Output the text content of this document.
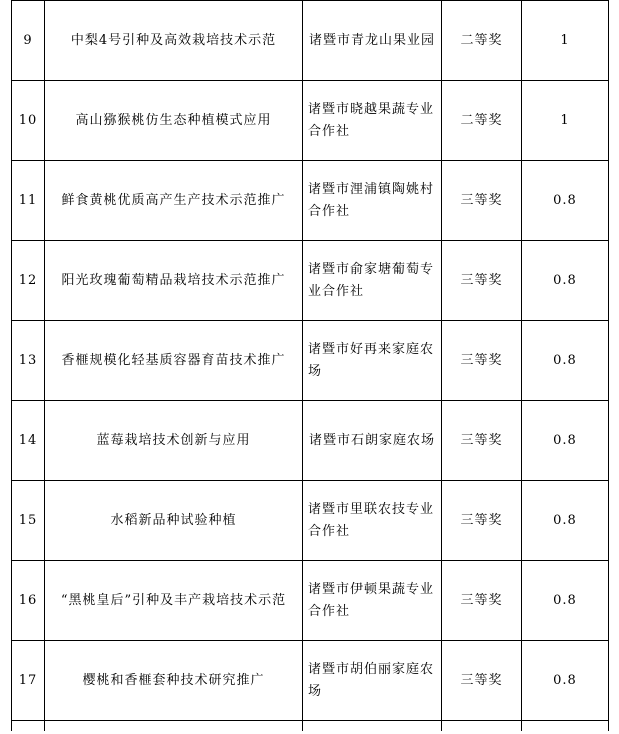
9	中梨4号引种及高效栽培技术示范	诸暨市青龙山果业园	二等奖	1
10	高山猕猴桃仿生态种植模式应用	诸暨市晓越果蔬专业合作社	二等奖	1
11	鲜食黄桃优质高产生产技术示范推广	诸暨市浬浦镇陶姚村合作社	三等奖	0.8
12	阳光玫瑰葡萄精品栽培技术示范推广	诸暨市俞家塘葡萄专业合作社	三等奖	0.8
13	香榧规模化轻基质容器育苗技术推广	诸暨市好再来家庭农场	三等奖	0.8
14	蓝莓栽培技术创新与应用	诸暨市石朗家庭农场	三等奖	0.8
15	水稻新品种试验种植	诸暨市里联农技专业合作社	三等奖	0.8
16	“黑桃皇后”引种及丰产栽培技术示范	诸暨市伊顿果蔬专业合作社	三等奖	0.8
17	樱桃和香榧套种技术研究推广	诸暨市胡伯丽家庭农场	三等奖	0.8
